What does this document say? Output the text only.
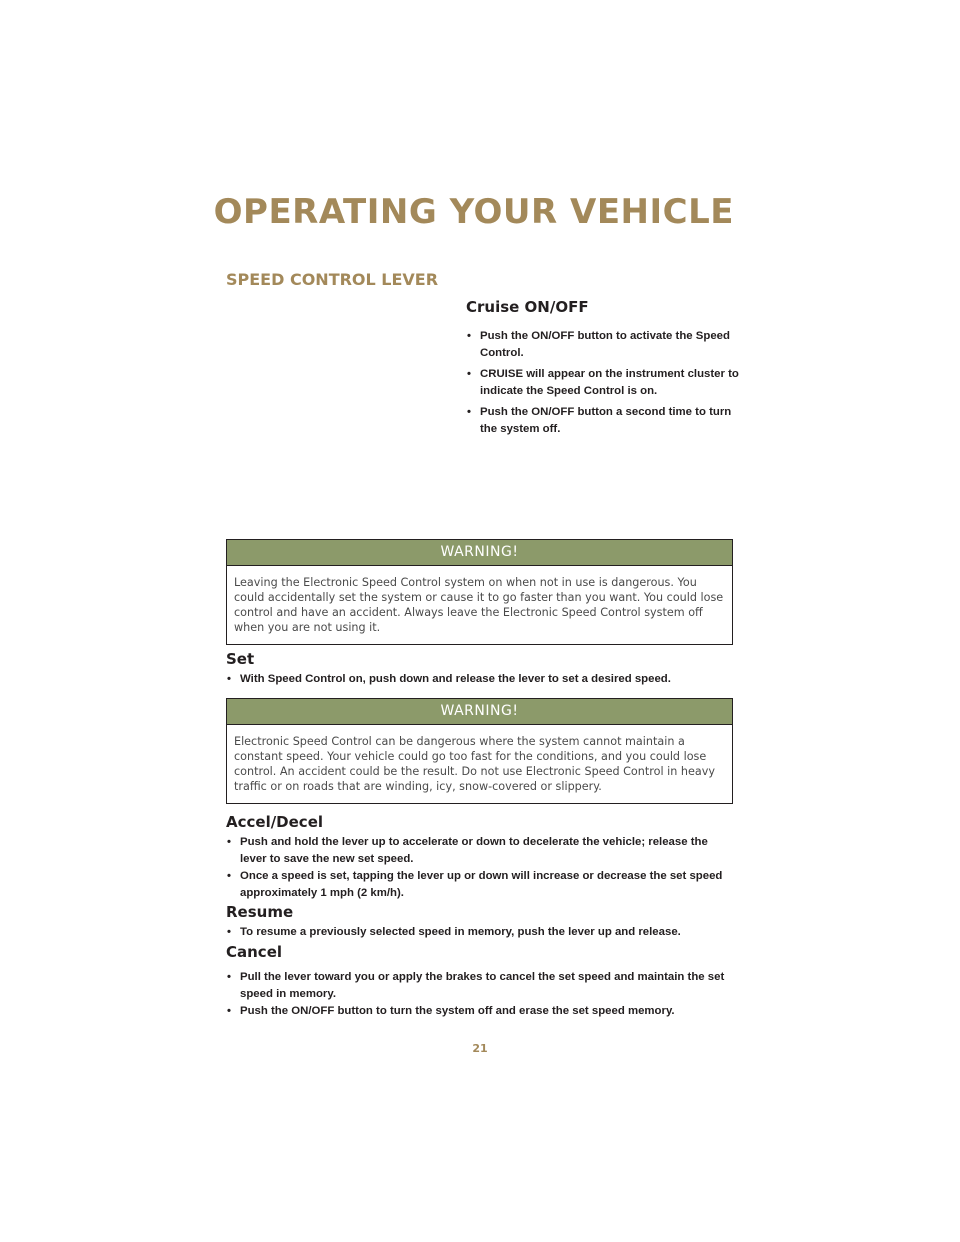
OPERATING YOUR VEHICLE
SPEED CONTROL LEVER
Cruise ON/OFF
• Push the ON/OFF button to activate the Speed Control.
• CRUISE will appear on the instrument cluster to indicate the Speed Control is on.
• Push the ON/OFF button a second time to turn the system off.
WARNING!
Leaving the Electronic Speed Control system on when not in use is dangerous. You could accidentally set the system or cause it to go faster than you want. You could lose control and have an accident. Always leave the Electronic Speed Control system off when you are not using it.
Set
• With Speed Control on, push down and release the lever to set a desired speed.
WARNING!
Electronic Speed Control can be dangerous where the system cannot maintain a constant speed. Your vehicle could go too fast for the conditions, and you could lose control. An accident could be the result. Do not use Electronic Speed Control in heavy traffic or on roads that are winding, icy, snow-covered or slippery.
Accel/Decel
• Push and hold the lever up to accelerate or down to decelerate the vehicle; release the lever to save the new set speed.
• Once a speed is set, tapping the lever up or down will increase or decrease the set speed approximately 1 mph (2 km/h).
Resume
• To resume a previously selected speed in memory, push the lever up and release.
Cancel
• Pull the lever toward you or apply the brakes to cancel the set speed and maintain the set speed in memory.
• Push the ON/OFF button to turn the system off and erase the set speed memory.
21
